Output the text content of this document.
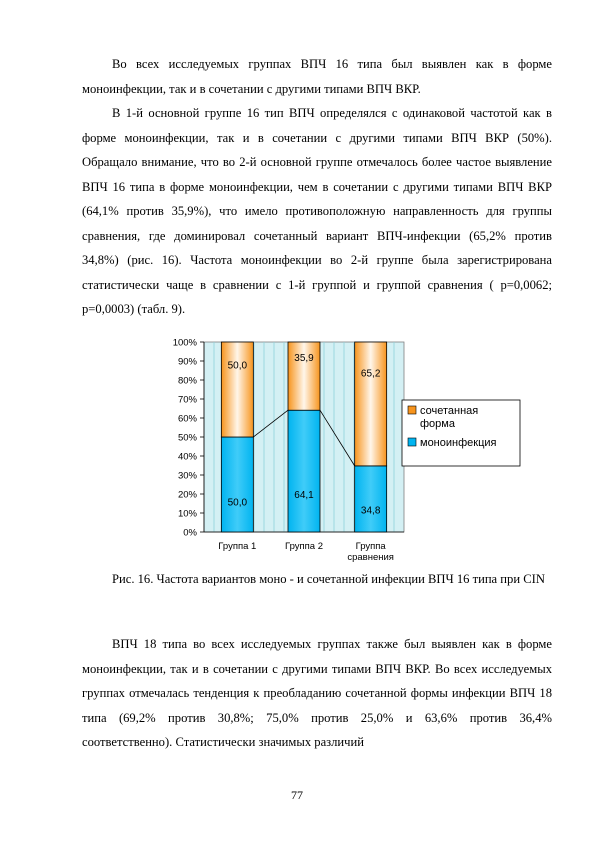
Во всех исследуемых группах ВПЧ 16 типа был выявлен как в форме моноинфекции, так и в сочетании с другими типами ВПЧ ВКР.

В 1-й основной группе 16 тип ВПЧ определялся с одинаковой частотой как в форме моноинфекции, так и в сочетании с другими типами ВПЧ ВКР (50%). Обращало внимание, что во 2-й основной группе отмечалось более частое выявление ВПЧ 16 типа в форме моноинфекции, чем в сочетании с другими типами ВПЧ ВКР (64,1% против 35,9%), что имело противоположную направленность для группы сравнения, где доминировал сочетанный вариант ВПЧ-инфекции (65,2% против 34,8%) (рис. 16). Частота моноинфекции во 2-й группе была зарегистрирована статистически чаще в сравнении с 1-й группой и группой сравнения ( p=0,0062; p=0,0003) (табл. 9).

0%
10%
20%
30%
40%
50%
60%
70%
80%
90%
100%
50,0
50,0
Группа 1
64,1
35,9
Группа 2
34,8
65,2
Группа
сравнения
сочетанная
форма
моноинфекция

Рис. 16. Частота вариантов моно - и сочетанной инфекции ВПЧ 16 типа при CIN

ВПЧ 18 типа во всех исследуемых группах также был выявлен как в форме моноинфекции, так и в сочетании с другими типами ВПЧ ВКР. Во всех исследуемых группах отмечалась тенденция к преобладанию сочетанной формы инфекции ВПЧ 18 типа (69,2% против 30,8%; 75,0% против 25,0% и 63,6% против 36,4% соответственно). Статистически значимых различий

77
